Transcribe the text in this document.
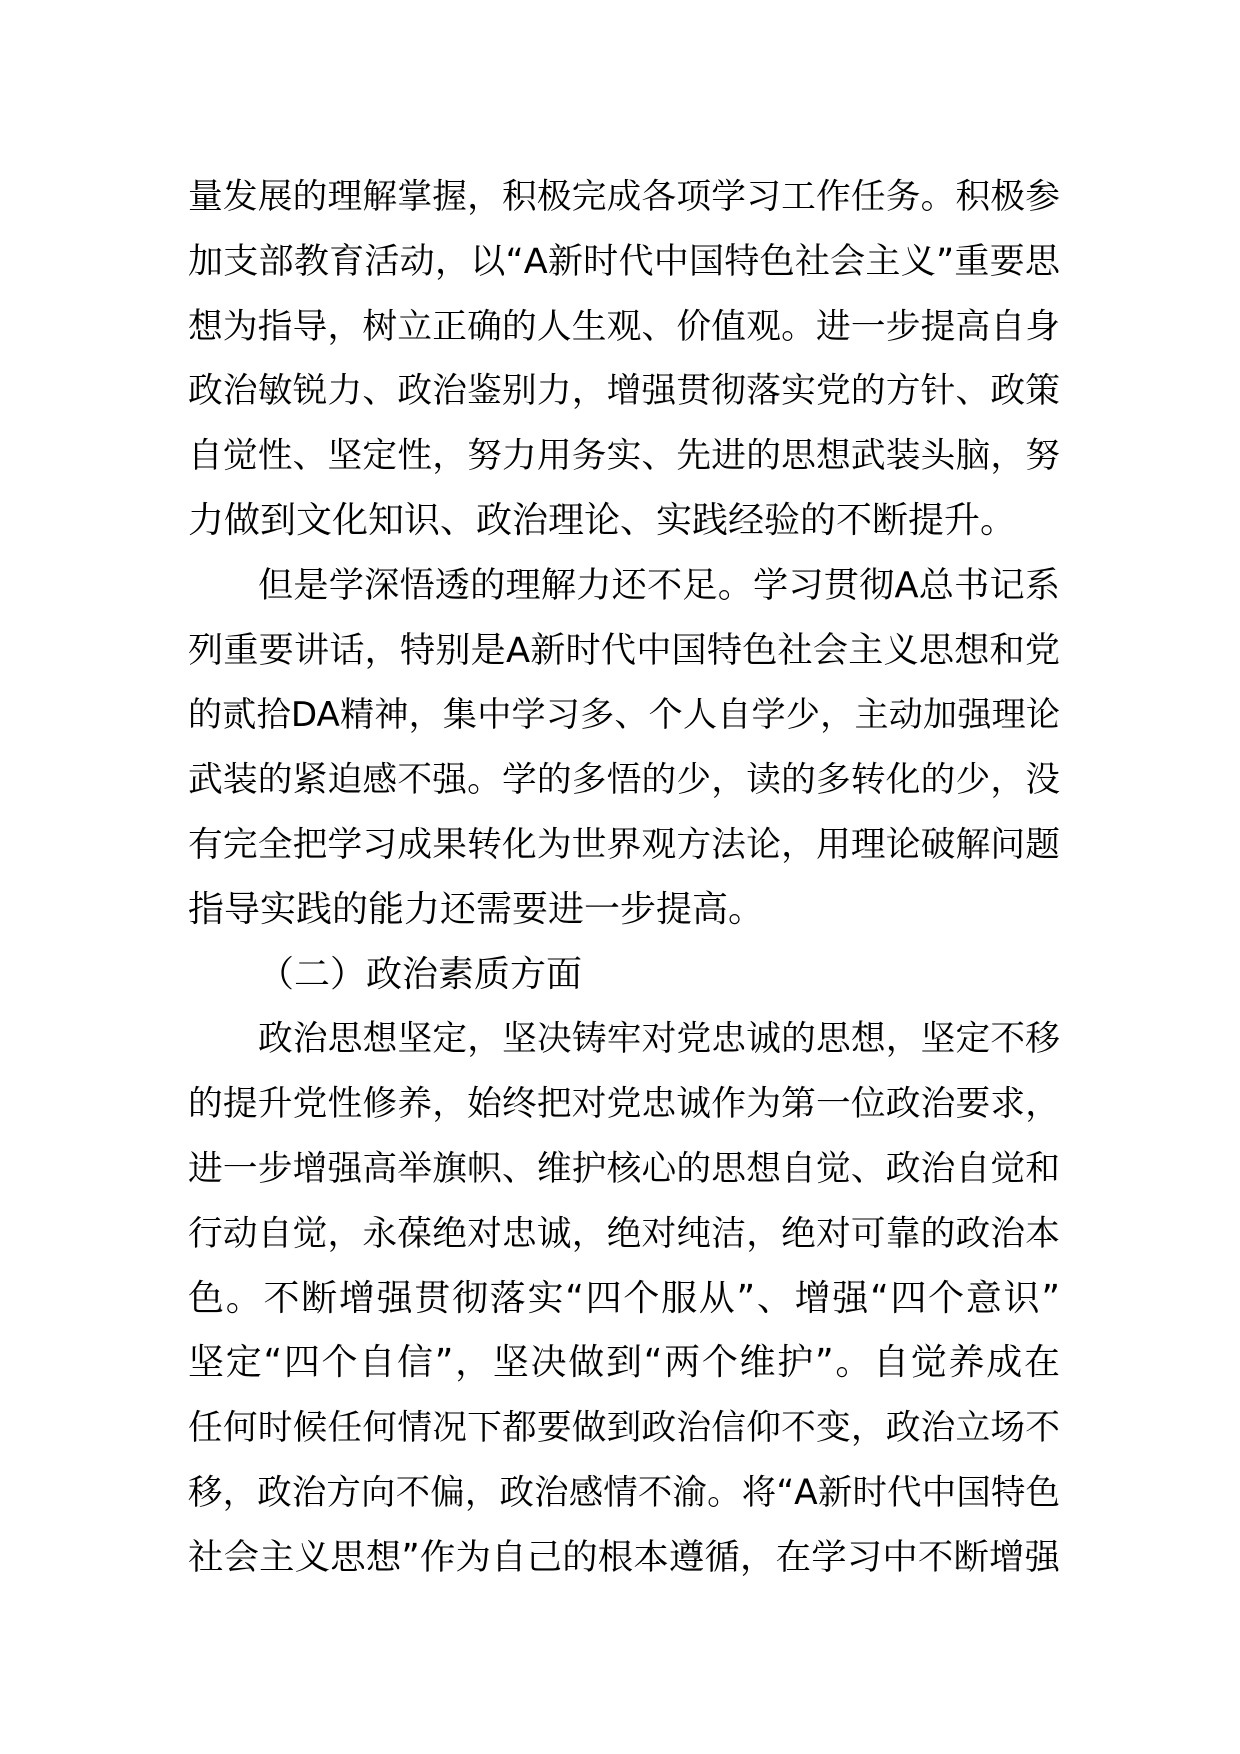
量发展的理解掌握，积极完成各项学习工作任务。积极参
加支部教育活动，以“A新时代中国特色社会主义”重要思
想为指导，树立正确的人生观、价值观。进一步提高自身
政治敏锐力、政治鉴别力，增强贯彻落实党的方针、政策
自觉性、坚定性，努力用务实、先进的思想武装头脑，努
力做到文化知识、政治理论、实践经验的不断提升。
但是学深悟透的理解力还不足。学习贯彻A总书记系
列重要讲话，特别是A新时代中国特色社会主义思想和党
的贰拾DA精神，集中学习多、个人自学少，主动加强理论
武装的紧迫感不强。学的多悟的少，读的多转化的少，没
有完全把学习成果转化为世界观方法论，用理论破解问题
指导实践的能力还需要进一步提高。
（二）政治素质方面
政治思想坚定，坚决铸牢对党忠诚的思想，坚定不移
的提升党性修养，始终把对党忠诚作为第一位政治要求，
进一步增强高举旗帜、维护核心的思想自觉、政治自觉和
行动自觉，永葆绝对忠诚，绝对纯洁，绝对可靠的政治本
色。不断增强贯彻落实“四个服从”、增强“四个意识”
坚定“四个自信”，坚决做到“两个维护”。自觉养成在
任何时候任何情况下都要做到政治信仰不变，政治立场不
移，政治方向不偏，政治感情不渝。将“A新时代中国特色
社会主义思想”作为自己的根本遵循，在学习中不断增强
